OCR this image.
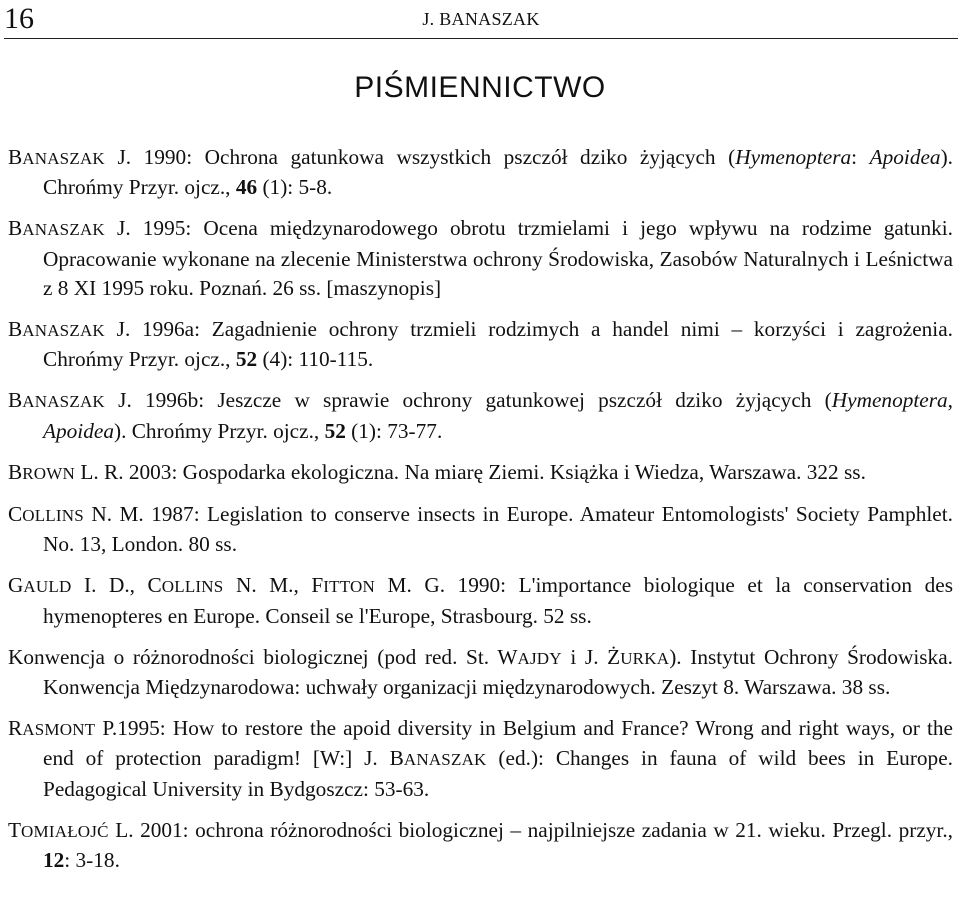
16	J. BANASZAK
PIŚMIENNICTWO

BANASZAK J. 1990: Ochrona gatunkowa wszystkich pszczół dziko żyjących (Hymenoptera: Apoidea). Chrońmy Przyr. ojcz., 46 (1): 5-8.

BANASZAK J. 1995: Ocena międzynarodowego obrotu trzmielami i jego wpływu na rodzime gatunki. Opracowanie wykonane na zlecenie Ministerstwa ochrony Środowiska, Zasobów Naturalnych i Leśnictwa z 8 XI 1995 roku. Poznań. 26 ss. [maszynopis]

BANASZAK J. 1996a: Zagadnienie ochrony trzmieli rodzimych a handel nimi – korzyści i zagrożenia. Chrońmy Przyr. ojcz., 52 (4): 110-115.

BANASZAK J. 1996b: Jeszcze w sprawie ochrony gatunkowej pszczół dziko żyjących (Hymenoptera, Apoidea). Chrońmy Przyr. ojcz., 52 (1): 73-77.

BROWN L. R. 2003: Gospodarka ekologiczna. Na miarę Ziemi. Książka i Wiedza, Warszawa. 322 ss.

COLLINS N. M. 1987: Legislation to conserve insects in Europe. Amateur Entomologists' Society Pamphlet. No. 13, London. 80 ss.

GAULD I. D., COLLINS N. M., FITTON M. G. 1990: L'importance biologique et la conservation des hymenopteres en Europe. Conseil se l'Europe, Strasbourg. 52 ss.

Konwencja o różnorodności biologicznej (pod red. St. WAJDY i J. ŻURKA). Instytut Ochrony Środowiska. Konwencja Międzynarodowa: uchwały organizacji międzynarodowych. Zeszyt 8. Warszawa. 38 ss.

RASMONT P.1995: How to restore the apoid diversity in Belgium and France? Wrong and right ways, or the end of protection paradigm! [W:] J. BANASZAK (ed.): Changes in fauna of wild bees in Europe. Pedagogical University in Bydgoszcz: 53-63.

TOMIAŁOJĆ L. 2001: ochrona różnorodności biologicznej – najpilniejsze zadania w 21. wieku. Przegl. przyr., 12: 3-18.
